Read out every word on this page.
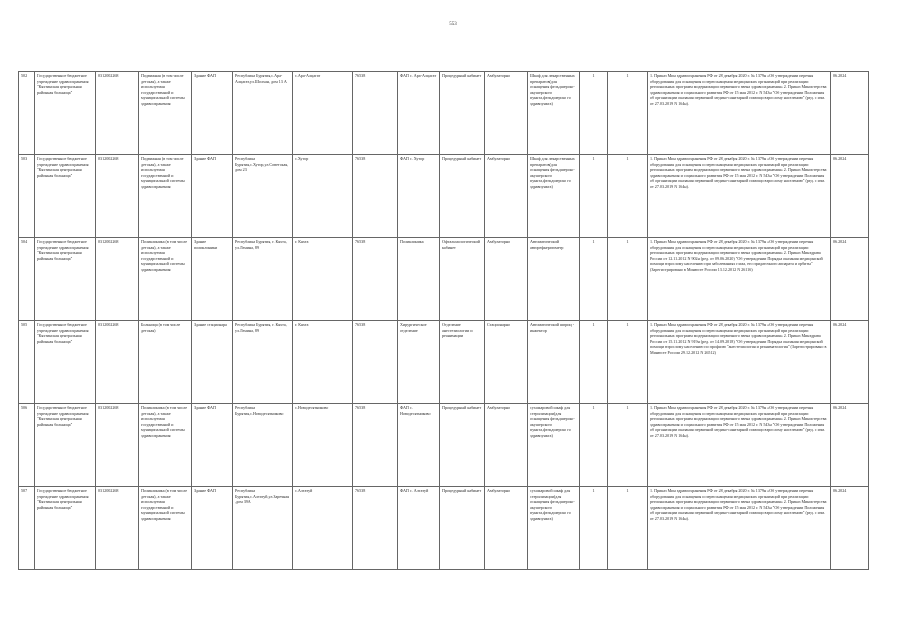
553
502	Государственное бюджетное учреждение здравоохранения "Кяхтинская центральная районная больница"	0312002268	Подвижная (в том числе детская), а также используемая государственной и муниципальной системы здравоохранения	Здание ФАП	Республика Бурятия,с.Ара-Алцагат,ул.Шолхан, дом 13 А	с.Ара-Алцагат	76538	ФАП с. Ара-Алцагат	Процедурный кабинет	Амбулаторно	Шкаф для лекарственных препаратов(для оснащения фельдшерско-акушерского пункта,фельдшерско го здравпункта)	1	1	1. Приказ Мин здравоохранения РФ от 28 декабря 2020 г. № 1379н «Об утверждении перечня оборудования для оснащения и переоснащения медицинских организаций при реализации региональных программ модернизации первичного звена здравоохранения» 2. Приказ Министерства здравоохранения и социального развития РФ от 15 мая 2012 г. N 543н "Об утверждении Положения об организации оказания первичной медико-санитарной помощи взрослому населению" (ред. с изм. от 27.03.2019 N 164н).	06.2024
503	Государственное бюджетное учреждение здравоохранения "Кяхтинская центральная районная больница"	0312002268	Подвижная (в том числе детская), а также используемая государственной и муниципальной системы здравоохранения	Здание ФАП	Республика Бурятия,с.Хутор,ул.Советская,дом 23	с.Хутор	76538	ФАП с. Хутор	Процедурный кабинет	Амбулаторно	Шкаф для лекарственных препаратов(для оснащения фельдшерско-акушерского пункта,фельдшерско го здравпункта)	1	1	1. Приказ Мин здравоохранения РФ от 28 декабря 2020 г. № 1379н «Об утверждении перечня оборудования для оснащения и переоснащения медицинских организаций при реализации региональных программ модернизации первичного звена здравоохранения» 2. Приказ Министерства здравоохранения и социального развития РФ от 15 мая 2012 г. N 543н "Об утверждении Положения об организации оказания первичной медико-санитарной помощи взрослому населению" (ред. с изм. от 27.03.2019 N 164н).	06.2024
504	Государственное бюджетное учреждение здравоохранения "Кяхтинская центральная районная больница"	0312002268	Поликлиника (в том числе детская), а также используемая государственной и муниципальной системы здравоохранения	Здание поликлиники	Республика Бурятия, г. Кяхта, ул.Ленина, 89	г. Кяхта	76538	Поликлиника	Офтальмологический кабинет	Амбулаторно	Автоматический авторефкератометр	1	1	1. Приказ Мин здравоохранения РФ от 28 декабря 2020 г. № 1379н «Об утверждении перечня оборудования для оснащения и переоснащения медицинских организаций при реализации региональных программ модернизации первичного звена здравоохранения» 2. Приказ Минздрава России от 12.11.2012 N 902н (ред. от 09.06.2020) "Об утверждении Порядка оказания медицинской помощи взрослому населению при заболеваниях глаза, его придаточного аппарата и орбиты" (Зарегистрировано в Минюсте России 13.12.2012 N 26116)	06.2024
505	Государственное бюджетное учреждение здравоохранения "Кяхтинская центральная районная больница"	0312002268	Больница (в том числе детская)	Здание стационара	Республика Бурятия, г. Кяхта, ул.Ленина, 89	г. Кяхта	76538	Хирургическое отделение	Отделение анестезиологии и реанимации	Стационарно	Автоматический шприц - инжектор	1	1	1. Приказ Мин здравоохранения РФ от 28 декабря 2020 г. № 1379н «Об утверждении перечня оборудования для оснащения и переоснащения медицинских организаций при реализации региональных программ модернизации первичного звена здравоохранения» 2. Приказ Минздрава России от 15.11.2012 N 919н (ред. от 14.09.2018) "Об утверждении Порядка оказания медицинской помощи взрослому населению по профилю "анестезиология и реаниматология" (Зарегистрировано в Минюсте России 29.12.2012 N 26512)	06.2024
506	Государственное бюджетное учреждение здравоохранения "Кяхтинская центральная районная больница"	0312002268	Поликлиника (в том числе детская), а также используемая государственной и муниципальной системы здравоохранения	Здание ФАП	Республика Бурятия,с.Новодесятниково	с.Новодесятниково	76538	ФАП с. Новодесятниково	Процедурный кабинет	Амбулаторно	сухожаровой шкаф для стерилизации(для оснащения фельдшерско-акушерского пункта,фельдшерско го здравпункта)	1	1	1. Приказ Мин здравоохранения РФ от 28 декабря 2020 г. № 1379н «Об утверждении перечня оборудования для оснащения и переоснащения медицинских организаций при реализации региональных программ модернизации первичного звена здравоохранения» 2. Приказ Министерства здравоохранения и социального развития РФ от 15 мая 2012 г. N 543н "Об утверждении Положения об организации оказания первичной медико-санитарной помощи взрослому населению" (ред. с изм. от 27.03.2019 N 164н).	06.2024
507	Государственное бюджетное учреждение здравоохранения "Кяхтинская центральная районная больница"	0312002268	Поликлиника (в том числе детская), а также используемая государственной и муниципальной системы здравоохранения	Здание ФАП	Республика Бурятия,с.Алтатуй,ул.Заречная,дом 39А	с.Алтатуй	76538	ФАП с. Алтатуй	Процедурный кабинет	Амбулаторно	сухожаровой шкаф для стерилизации(для оснащения фельдшерско-акушерского пункта,фельдшерско го здравпункта)	1	1	1. Приказ Мин здравоохранения РФ от 28 декабря 2020 г. № 1379н «Об утверждении перечня оборудования для оснащения и переоснащения медицинских организаций при реализации региональных программ модернизации первичного звена здравоохранения» 2. Приказ Министерства здравоохранения и социального развития РФ от 15 мая 2012 г. N 543н "Об утверждении Положения об организации оказания первичной медико-санитарной помощи взрослому населению" (ред. с изм. от 27.03.2019 N 164н).	06.2024
